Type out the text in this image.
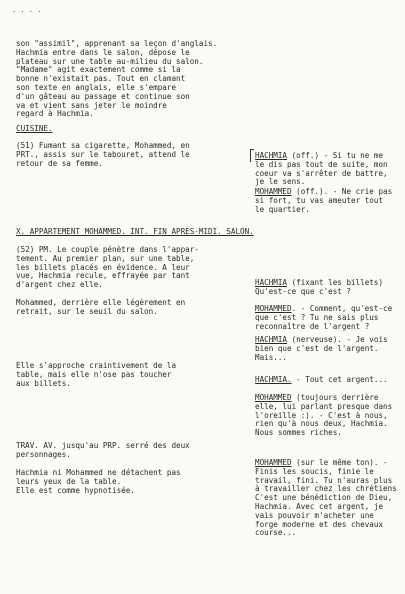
. . . .
son "assimil", apprenant sa leçon d'anglais.
Hachmia entre dans le salon, dépose le
plateau sur une table au-milieu du salon.
"Madame" agit exactement comme si la
bonne n'existait pas. Tout en clamant
son texte en anglais, elle s'empare
d'un gâteau au passage et continue son
va et vient sans jeter le moindre
regard à Hachmia.
CUISINE.
(51) Fumant sa cigarette, Mohammed, en
PRT., assis sur le tabouret, attend le
retour de sa femme.
X. APPARTEMENT MOHAMMED. INT. FIN APRES-MIDI. SALON.
(52) PM. Le couple pénètre dans l'appar-
tement. Au premier plan, sur une table,
les billets placés en évidence. A leur
vue, Hachmia recule, effrayée par tant
d'argent chez elle.
Mohammed, derrière elle légèrement en
retrait, sur le seuil du salon.
Elle s'approche craintivement de la
table, mais elle n'ose pas toucher
aux billets.
TRAV. AV. jusqu'au PRP. serré des deux
personnages.
Hachmia ni Mohammed ne détachent pas
leurs yeux de la table.
Elle est comme hypnotisée.
HACHMIA (off.) - Si tu ne me
le dis pas tout de suite, mon
coeur va s'arrêter de battre,
je le sens.
MOHAMMED (off.). - Ne crie pas
si fort, tu vas ameuter tout
le quartier.
HACHMIA (fixant les billets)
Qu'est-ce que c'est ?
MOHAMMED. - Comment, qu'est-ce
que c'est ? Tu ne sais plus
reconnaître de l'argent ?
HACHMIA (nerveuse). - Je vois
bien que c'est de l'argent.
Mais...
HACHMIA. - Tout cet argent...
MOHAMMED (toujours derrière
elle, lui parlant presque dans
l'oreille :). - C'est à nous,
rien qu'à nous deux, Hachmia.
Nous sommes riches.
MOHAMMED (sur le même ton). -
Finis les soucis, finie le
travail, fini. Tu n'auras plus
à travailler chez les chrétiens
C'est une bénédiction de Dieu,
Hachmia. Avec cet argent, je
vais pouvoir m'acheter une
forge moderne et des chevaux
course...
